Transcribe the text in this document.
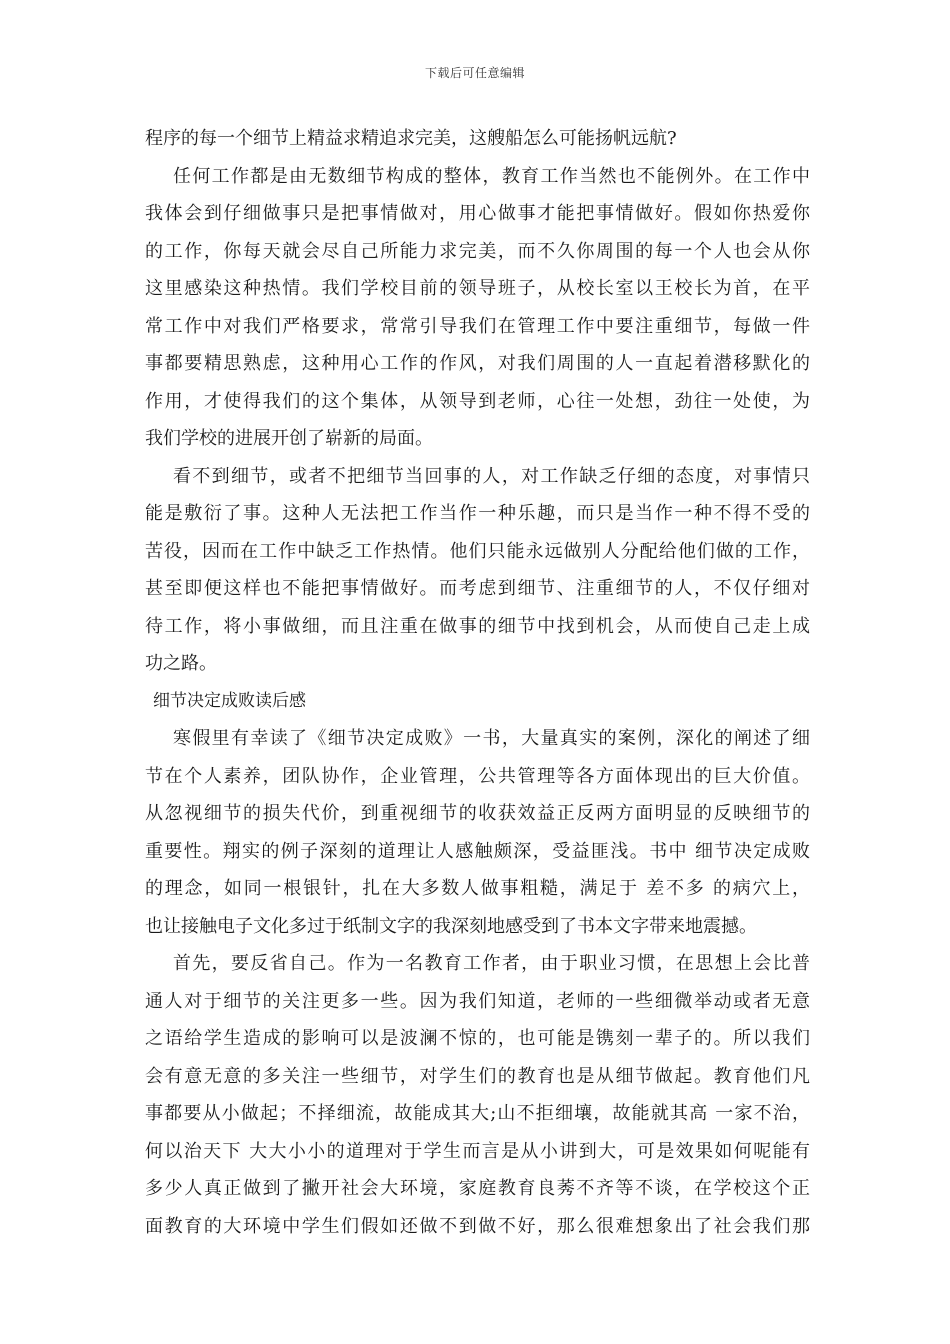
下载后可任意编辑
程序的每一个细节上精益求精追求完美，这艘船怎么可能扬帆远航?
任何工作都是由无数细节构成的整体，教育工作当然也不能例外。在工作中
我体会到仔细做事只是把事情做对，用心做事才能把事情做好。假如你热爱你
的工作，你每天就会尽自己所能力求完美，而不久你周围的每一个人也会从你
这里感染这种热情。我们学校目前的领导班子，从校长室以王校长为首，在平
常工作中对我们严格要求，常常引导我们在管理工作中要注重细节，每做一件
事都要精思熟虑，这种用心工作的作风，对我们周围的人一直起着潜移默化的
作用，才使得我们的这个集体，从领导到老师，心往一处想，劲往一处使，为
我们学校的进展开创了崭新的局面。
看不到细节，或者不把细节当回事的人，对工作缺乏仔细的态度，对事情只
能是敷衍了事。这种人无法把工作当作一种乐趣，而只是当作一种不得不受的
苦役，因而在工作中缺乏工作热情。他们只能永远做别人分配给他们做的工作，
甚至即便这样也不能把事情做好。而考虑到细节、注重细节的人，不仅仔细对
待工作，将小事做细，而且注重在做事的细节中找到机会，从而使自己走上成
功之路。
细节决定成败读后感
寒假里有幸读了《细节决定成败》一书，大量真实的案例，深化的阐述了细
节在个人素养，团队协作，企业管理，公共管理等各方面体现出的巨大价值。
从忽视细节的损失代价，到重视细节的收获效益正反两方面明显的反映细节的
重要性。翔实的例子深刻的道理让人感触颇深，受益匪浅。书中 细节决定成败
的理念，如同一根银针，扎在大多数人做事粗糙，满足于 差不多 的病穴上，
也让接触电子文化多过于纸制文字的我深刻地感受到了书本文字带来地震撼。
首先，要反省自己。作为一名教育工作者，由于职业习惯，在思想上会比普
通人对于细节的关注更多一些。因为我们知道，老师的一些细微举动或者无意
之语给学生造成的影响可以是波澜不惊的，也可能是镌刻一辈子的。所以我们
会有意无意的多关注一些细节，对学生们的教育也是从细节做起。教育他们凡
事都要从小做起；不择细流，故能成其大;山不拒细壤，故能就其高 一家不治，
何以治天下 大大小小的道理对于学生而言是从小讲到大，可是效果如何呢能有
多少人真正做到了撇开社会大环境，家庭教育良莠不齐等不谈，在学校这个正
面教育的大环境中学生们假如还做不到做不好，那么很难想象出了社会我们那
